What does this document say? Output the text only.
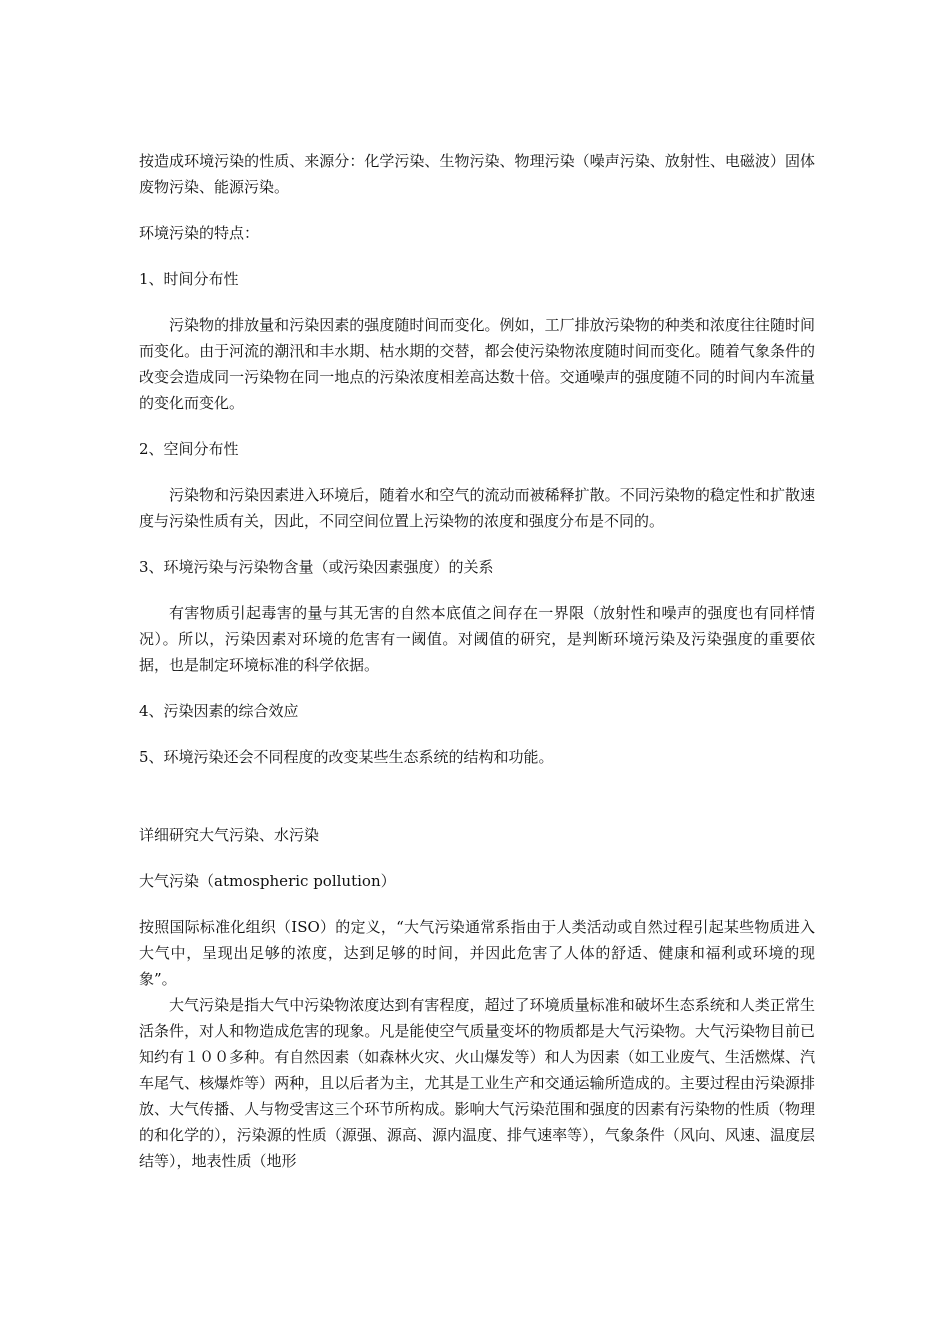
按造成环境污染的性质、来源分：化学污染、生物污染、物理污染（噪声污染、放射性、电磁波）固体废物污染、能源污染。

环境污染的特点：

1、时间分布性

污染物的排放量和污染因素的强度随时间而变化。例如，工厂排放污染物的种类和浓度往往随时间而变化。由于河流的潮汛和丰水期、枯水期的交替，都会使污染物浓度随时间而变化。随着气象条件的改变会造成同一污染物在同一地点的污染浓度相差高达数十倍。交通噪声的强度随不同的时间内车流量的变化而变化。

2、空间分布性

污染物和污染因素进入环境后，随着水和空气的流动而被稀释扩散。不同污染物的稳定性和扩散速度与污染性质有关，因此，不同空间位置上污染物的浓度和强度分布是不同的。

3、环境污染与污染物含量（或污染因素强度）的关系

有害物质引起毒害的量与其无害的自然本底值之间存在一界限（放射性和噪声的强度也有同样情况）。所以，污染因素对环境的危害有一阈值。对阈值的研究，是判断环境污染及污染强度的重要依据，也是制定环境标准的科学依据。

4、污染因素的综合效应

5、环境污染还会不同程度的改变某些生态系统的结构和功能。

详细研究大气污染、水污染

大气污染（atmospheric pollution）

按照国际标准化组织（ISO）的定义，“大气污染通常系指由于人类活动或自然过程引起某些物质进入大气中，呈现出足够的浓度，达到足够的时间，并因此危害了人体的舒适、健康和福利或环境的现象”。

大气污染是指大气中污染物浓度达到有害程度，超过了环境质量标准和破坏生态系统和人类正常生活条件，对人和物造成危害的现象。凡是能使空气质量变坏的物质都是大气污染物。大气污染物目前已知约有１００多种。有自然因素（如森林火灾、火山爆发等）和人为因素（如工业废气、生活燃煤、汽车尾气、核爆炸等）两种，且以后者为主，尤其是工业生产和交通运输所造成的。主要过程由污染源排放、大气传播、人与物受害这三个环节所构成。影响大气污染范围和强度的因素有污染物的性质（物理的和化学的），污染源的性质（源强、源高、源内温度、排气速率等），气象条件（风向、风速、温度层结等），地表性质（地形
